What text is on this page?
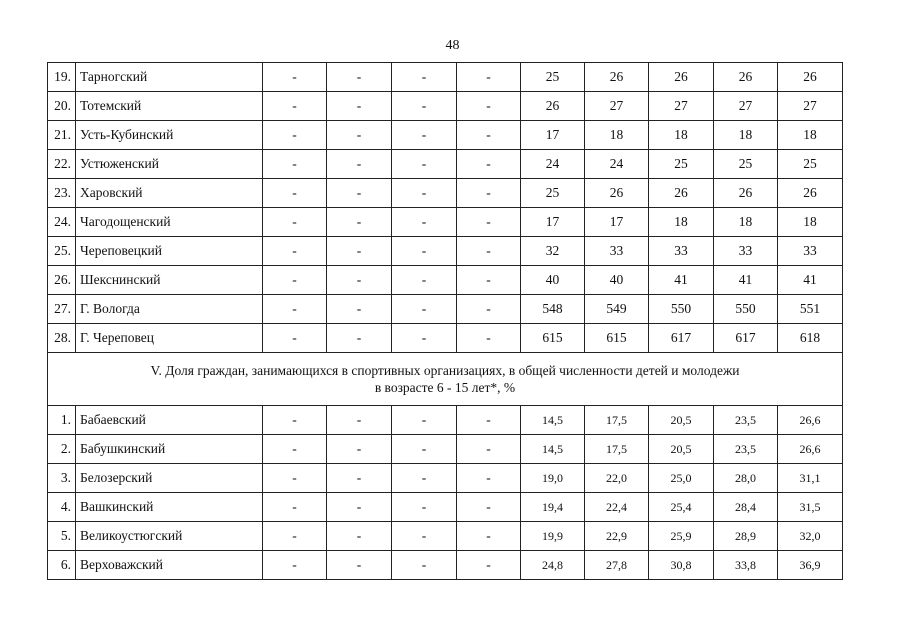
48
19.	Тарногский	-	-	-	-	25	26	26	26	26
20.	Тотемский	-	-	-	-	26	27	27	27	27
21.	Усть-Кубинский	-	-	-	-	17	18	18	18	18
22.	Устюженский	-	-	-	-	24	24	25	25	25
23.	Харовский	-	-	-	-	25	26	26	26	26
24.	Чагодощенский	-	-	-	-	17	17	18	18	18
25.	Череповецкий	-	-	-	-	32	33	33	33	33
26.	Шекснинский	-	-	-	-	40	40	41	41	41
27.	Г. Вологда	-	-	-	-	548	549	550	550	551
28.	Г. Череповец	-	-	-	-	615	615	617	617	618
V. Доля граждан, занимающихся в спортивных организациях, в общей численности детей и молодежи
в возрасте 6 - 15 лет*, %										
1.	Бабаевский	-	-	-	-	14,5	17,5	20,5	23,5	26,6
2.	Бабушкинский	-	-	-	-	14,5	17,5	20,5	23,5	26,6
3.	Белозерский	-	-	-	-	19,0	22,0	25,0	28,0	31,1
4.	Вашкинский	-	-	-	-	19,4	22,4	25,4	28,4	31,5
5.	Великоустюгский	-	-	-	-	19,9	22,9	25,9	28,9	32,0
6.	Верховажский	-	-	-	-	24,8	27,8	30,8	33,8	36,9
